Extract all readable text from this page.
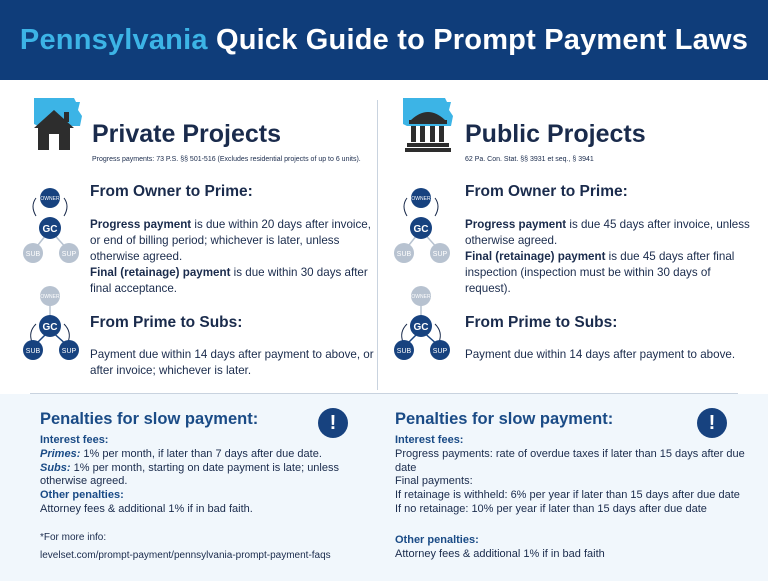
Pennsylvania Quick Guide to Prompt Payment Laws
Private Projects
Progress payments: 73 P.S. §§ 501-516 (Excludes residential projects of up to 6 units).
OWNER
GC
SUB	SUP
From Owner to Prime:
Progress payment is due within 20 days after invoice, or end of billing period; whichever is later, unless otherwise agreed.
Final (retainage) payment is due within 30 days after final acceptance.
OWNER
GC
SUB	SUP
From Prime to Subs:
Payment due within 14 days after payment to above, or after invoice; whichever is later.
Penalties for slow payment:	!
Interest fees:
Primes: 1% per month, if later than 7 days after due date.
Subs: 1% per month, starting on date payment is late; unless otherwise agreed.
Other penalties:
Attorney fees & additional 1% if in bad faith.
*For more info:
levelset.com/prompt-payment/pennsylvania-prompt-payment-faqs
Public Projects
62 Pa. Con. Stat. §§ 3931 et seq., § 3941
OWNER
GC
SUB	SUP
From Owner to Prime:
Progress payment is due 45 days after invoice, unless otherwise agreed.
Final (retainage) payment is due 45 days after final inspection (inspection must be within 30 days of request).
OWNER
GC
SUB	SUP
From Prime to Subs:
Payment due within 14 days after payment to above.
Penalties for slow payment:	!
Interest fees:
Progress payments: rate of overdue taxes if later than 15 days after due date
Final payments:
If retainage is withheld: 6% per year if later than 15 days after due date
If no retainage: 10% per year if later than 15 days after due date
Other penalties:
Attorney fees & additional 1% if in bad faith
